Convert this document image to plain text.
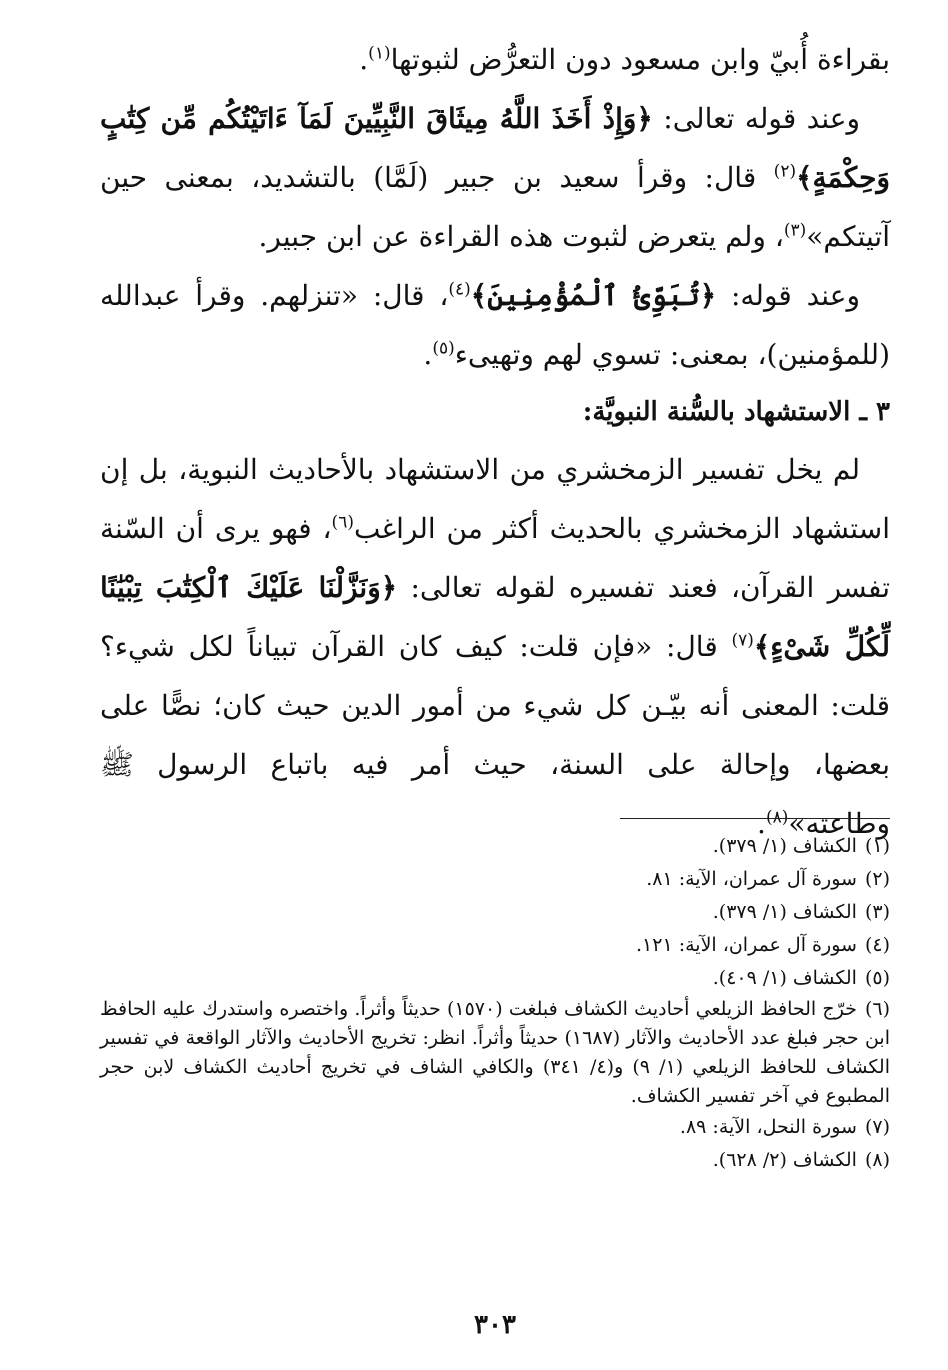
بقراءة أُبيّ وابن مسعود دون التعرُّض لثبوتها$^{(١)}$.

وعند قوله تعالى: ﴿وَإِذْ أَخَذَ اللَّهُ مِيثَاقَ النَّبِيِّينَ لَمَآ ءَاتَيْتُكُم مِّن كِتَٰبٍ وَحِكْمَةٍ﴾$^{(٢)}$ قال: وقرأ سعيد بن جبير (لَمَّا) بالتشديد، بمعنى حين آتيتكم»$^{(٣)}$، ولم يتعرض لثبوت هذه القراءة عن ابن جبير.

وعند قوله: ﴿تُبَوِّئُ ٱلْمُؤْمِنِينَ﴾$^{(٤)}$، قال: «تنزلهم. وقرأ عبدالله (للمؤمنين)، بمعنى: تسوي لهم وتهيىء$^{(٥)}$.

٣ ـ الاستشهاد بالسُّنة النبويَّة:

لم يخل تفسير الزمخشري من الاستشهاد بالأحاديث النبوية، بل إن استشهاد الزمخشري بالحديث أكثر من الراغب$^{(٦)}$، فهو يرى أن السّنة تفسر القرآن، فعند تفسيره لقوله تعالى: ﴿وَنَزَّلْنَا عَلَيْكَ ٱلْكِتَٰبَ تِبْيَٰنًا لِّكُلِّ شَىْءٍ﴾$^{(٧)}$ قال: «فإن قلت: كيف كان القرآن تبياناً لكل شيء؟ قلت: المعنى أنه بيّـن كل شيء من أمور الدين حيث كان؛ نصًّا على بعضها، وإحالة على السنة، حيث أمر فيه باتباع الرسول ﷺ وطاعته»$^{(٨)}$.

(١)الكشاف (١/ ٣٧٩).

(٢)سورة آل عمران، الآية: ٨١.

(٣)الكشاف (١/ ٣٧٩).

(٤)سورة آل عمران، الآية: ١٢١.

(٥)الكشاف (١/ ٤٠٩).

(٦)خرّج الحافظ الزيلعي أحاديث الكشاف فبلغت (١٥٧٠) حديثاً وأثراً. واختصره واستدرك عليه الحافظ ابن حجر فبلغ عدد الأحاديث والآثار (١٦٨٧) حديثاً وأثراً. انظر: تخريج الأحاديث والآثار الواقعة في تفسير الكشاف للحافظ الزيلعي (١/ ٩) و(٤/ ٣٤١) والكافي الشاف في تخريج أحاديث الكشاف لابن حجر المطبوع في آخر تفسير الكشاف.

(٧)سورة النحل، الآية: ٨٩.

(٨)الكشاف (٢/ ٦٢٨).

٣٠٣
